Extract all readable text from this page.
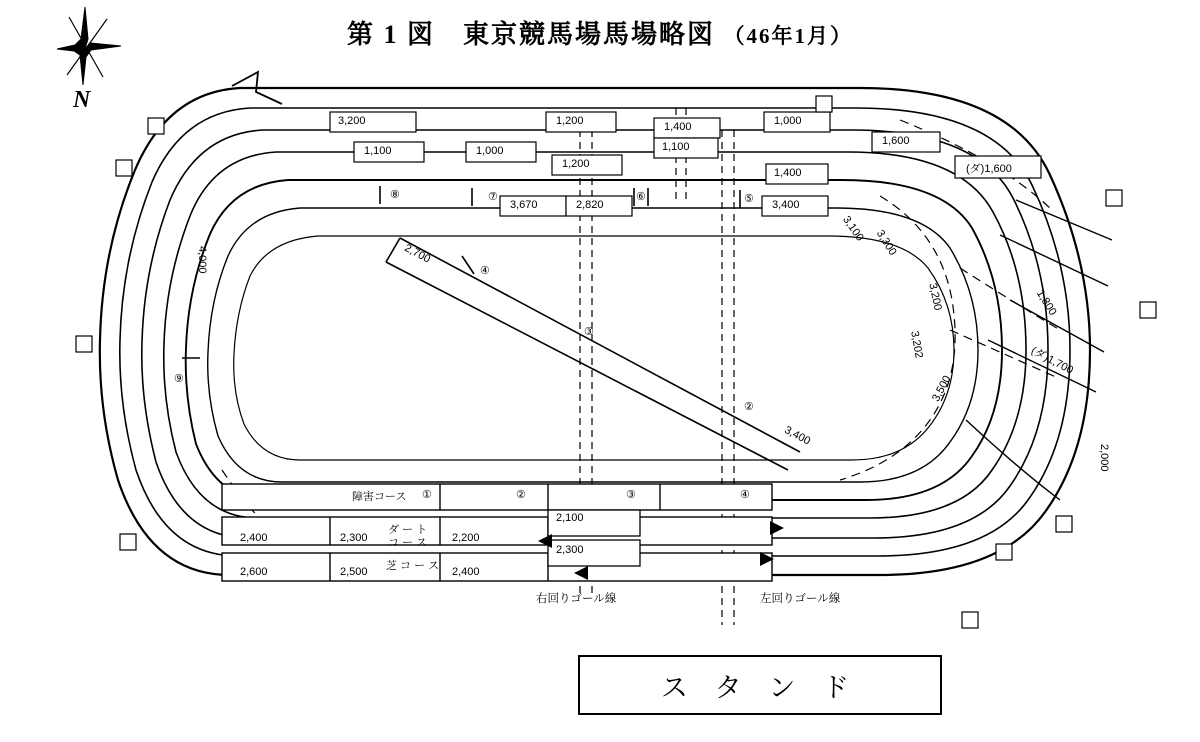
第 1 図　東京競馬場馬場略図 （46年1月）
N
3,200	1,200	1,400	1,000
1,600
1,100	1,000
1,200
1,100
1,400	(ダ)1,600
3,670	2,820	3,400
3,100 3,300
3,200
3,202
3,500
1,800
(ダ)1,700
2,000
4,000	2,700
3,400
2,100
2,300
⑧	⑦	⑥	⑤
④
③
②
⑨
障害コース ①	②	③	④
ダ ー ト
コ ー ス
2,400	2,300	2,200
芝 コ ー ス
2,600	2,500	2,400
右回りゴール線	左回りゴール線
ス タ ン ド
